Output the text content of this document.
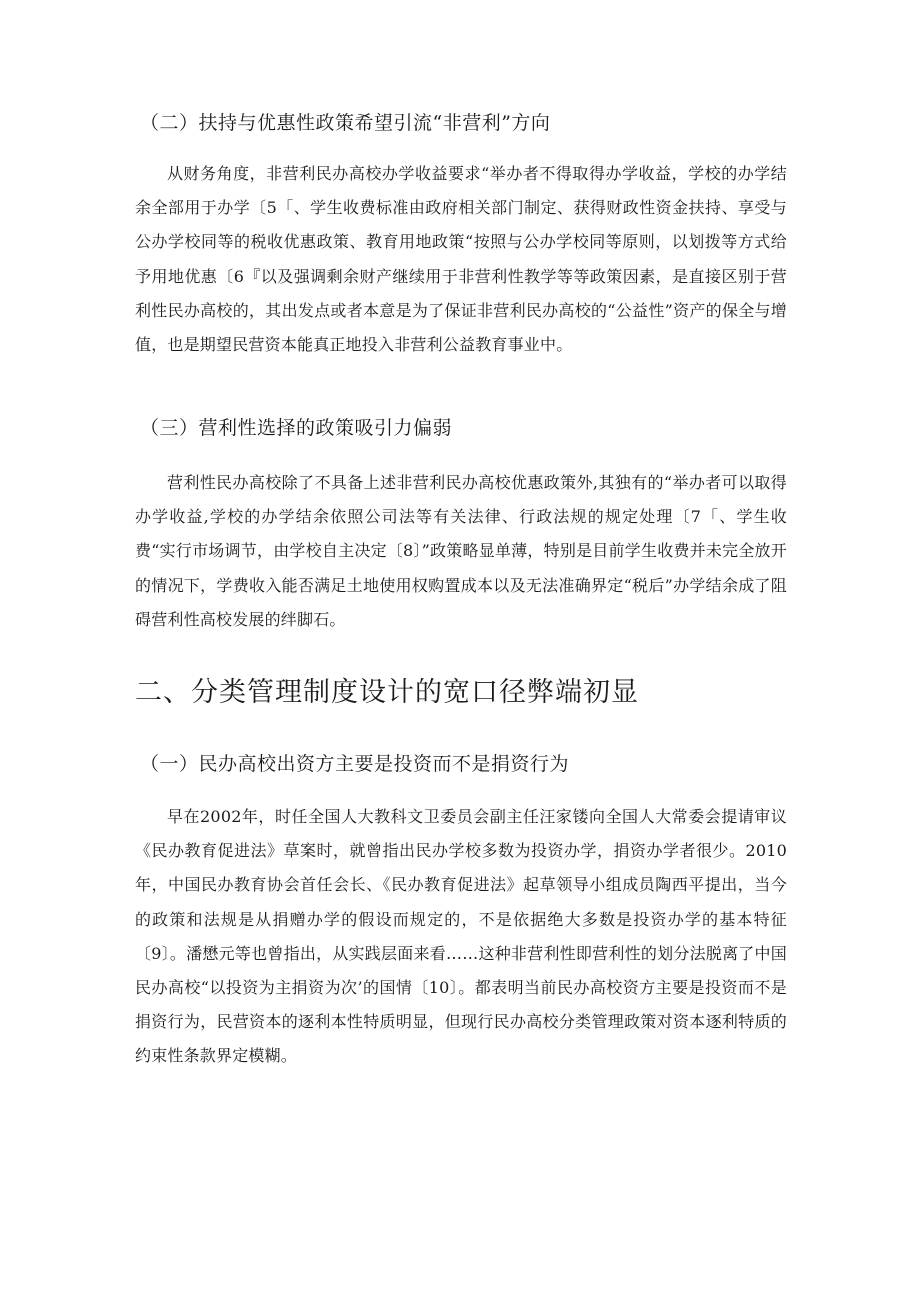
（二）扶持与优惠性政策希望引流“非营利”方向

从财务角度，非营利民办高校办学收益要求“举办者不得取得办学收益，学校的办学结余全部用于办学〔5「、学生收费标准由政府相关部门制定、获得财政性资金扶持、享受与公办学校同等的税收优惠政策、教育用地政策“按照与公办学校同等原则，以划拨等方式给予用地优惠〔6『以及强调剩余财产继续用于非营利性教学等等政策因素，是直接区别于营利性民办高校的，其出发点或者本意是为了保证非营利民办高校的“公益性”资产的保全与增值，也是期望民营资本能真正地投入非营利公益教育事业中。

（三）营利性选择的政策吸引力偏弱

营利性民办高校除了不具备上述非营利民办高校优惠政策外,其独有的“举办者可以取得办学收益,学校的办学结余依照公司法等有关法律、行政法规的规定处理〔7「、学生收费“实行市场调节，由学校自主决定〔8〕”政策略显单薄，特别是目前学生收费并未完全放开的情况下，学费收入能否满足土地使用权购置成本以及无法准确界定“税后”办学结余成了阻碍营利性高校发展的绊脚石。

二、分类管理制度设计的宽口径弊端初显
（一）民办高校出资方主要是投资而不是捐资行为

早在2002年，时任全国人大教科文卫委员会副主任汪家镂向全国人大常委会提请审议《民办教育促进法》草案时，就曾指出民办学校多数为投资办学，捐资办学者很少。2010年，中国民办教育协会首任会长、《民办教育促进法》起草领导小组成员陶西平提出，当今的政策和法规是从捐赠办学的假设而规定的，不是依据绝大多数是投资办学的基本特征〔9〕。潘懋元等也曾指出，从实践层面来看……这种非营利性即营利性的划分法脱离了中国民办高校“以投资为主捐资为次’的国情〔10〕。都表明当前民办高校资方主要是投资而不是捐资行为，民营资本的逐利本性特质明显，但现行民办高校分类管理政策对资本逐利特质的约束性条款界定模糊。
